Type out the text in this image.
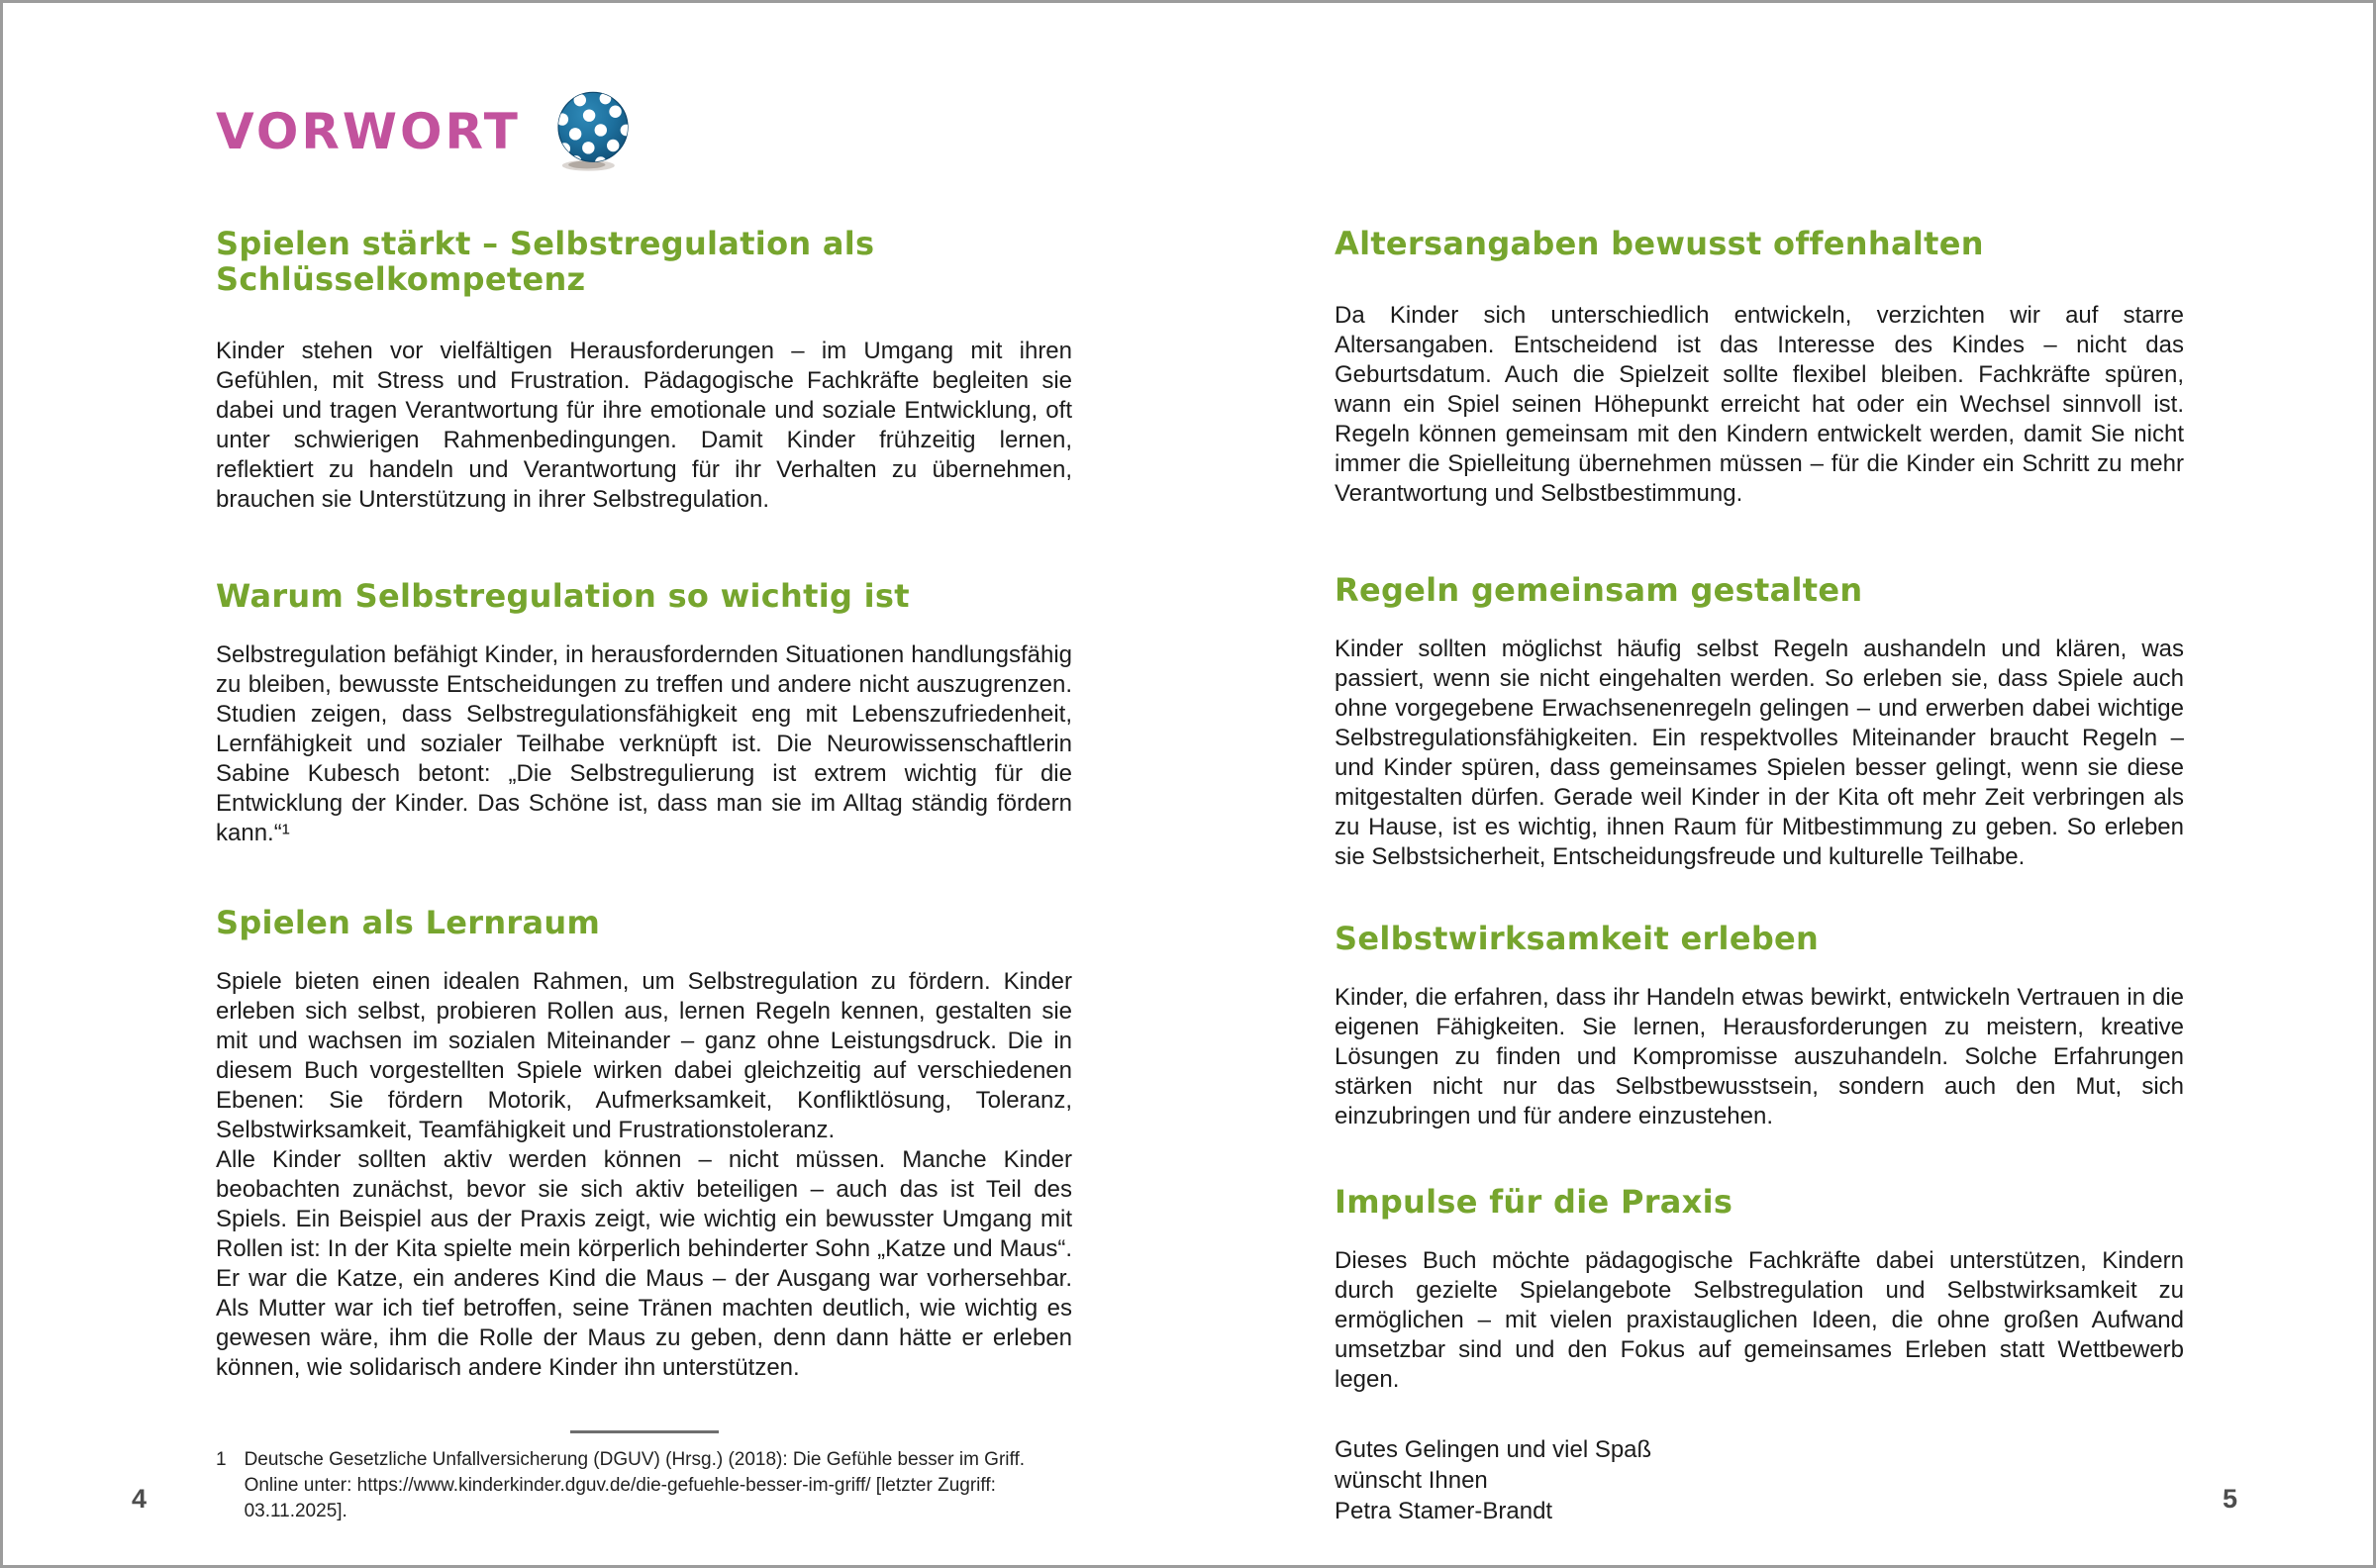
VORWORT
Spielen stärkt – Selbstregulation als Schlüsselkompetenz

Kinder stehen vor vielfältigen Herausforderungen – im Umgang mit ihren Gefühlen, mit Stress und Frustration. Pädagogische Fachkräfte begleiten sie dabei und tragen Verantwortung für ihre emotionale und soziale Entwicklung, oft unter schwierigen Rahmenbedingungen. Damit Kinder frühzeitig lernen, reflektiert zu handeln und Verantwortung für ihr Verhalten zu übernehmen, brauchen sie Unterstützung in ihrer Selbstregulation.

Warum Selbstregulation so wichtig ist

Selbstregulation befähigt Kinder, in herausfordernden Situationen handlungsfähig zu bleiben, bewusste Entscheidungen zu treffen und andere nicht auszugrenzen. Studien zeigen, dass Selbstregulationsfähigkeit eng mit Lebenszufriedenheit, Lernfähigkeit und sozialer Teilhabe verknüpft ist. Die Neurowissenschaftlerin Sabine Kubesch betont: „Die Selbstregulierung ist extrem wichtig für die Entwicklung der Kinder. Das Schöne ist, dass man sie im Alltag ständig fördern kann.“¹

Spielen als Lernraum

Spiele bieten einen idealen Rahmen, um Selbstregulation zu fördern. Kinder erleben sich selbst, probieren Rollen aus, lernen Regeln kennen, gestalten sie mit und wachsen im sozialen Miteinander – ganz ohne Leistungsdruck. Die in diesem Buch vorgestellten Spiele wirken dabei gleichzeitig auf verschiedenen Ebenen: Sie fördern Motorik, Aufmerksamkeit, Konfliktlösung, Toleranz, Selbstwirksamkeit, Teamfähigkeit und Frustrationstoleranz.

Alle Kinder sollten aktiv werden können – nicht müssen. Manche Kinder beobachten zunächst, bevor sie sich aktiv beteiligen – auch das ist Teil des Spiels. Ein Beispiel aus der Praxis zeigt, wie wichtig ein bewusster Umgang mit Rollen ist: In der Kita spielte mein körperlich behinderter Sohn „Katze und Maus“. Er war die Katze, ein anderes Kind die Maus – der Ausgang war vorhersehbar. Als Mutter war ich tief betroffen, seine Tränen machten deutlich, wie wichtig es gewesen wäre, ihm die Rolle der Maus zu geben, denn dann hätte er erleben können, wie solidarisch andere Kinder ihn unterstützen.

1 Deutsche Gesetzliche Unfallversicherung (DGUV) (Hrsg.) (2018): Die Gefühle besser im Griff. Online unter: https://www.kinderkinder.dguv.de/die-gefuehle-besser-im-griff/ [letzter Zugriff: 03.11.2025].
Altersangaben bewusst offenhalten

Da Kinder sich unterschiedlich entwickeln, verzichten wir auf starre Altersangaben. Entscheidend ist das Interesse des Kindes – nicht das Geburtsdatum. Auch die Spielzeit sollte flexibel bleiben. Fachkräfte spüren, wann ein Spiel seinen Höhepunkt erreicht hat oder ein Wechsel sinnvoll ist. Regeln können gemeinsam mit den Kindern entwickelt werden, damit Sie nicht immer die Spielleitung übernehmen müssen – für die Kinder ein Schritt zu mehr Verantwortung und Selbstbestimmung.

Regeln gemeinsam gestalten

Kinder sollten möglichst häufig selbst Regeln aushandeln und klären, was passiert, wenn sie nicht eingehalten werden. So erleben sie, dass Spiele auch ohne vorgegebene Erwachsenenregeln gelingen – und erwerben dabei wichtige Selbstregulationsfähigkeiten. Ein respektvolles Miteinander braucht Regeln – und Kinder spüren, dass gemeinsames Spielen besser gelingt, wenn sie diese mitgestalten dürfen. Gerade weil Kinder in der Kita oft mehr Zeit verbringen als zu Hause, ist es wichtig, ihnen Raum für Mitbestimmung zu geben. So erleben sie Selbstsicherheit, Entscheidungsfreude und kulturelle Teilhabe.

Selbstwirksamkeit erleben

Kinder, die erfahren, dass ihr Handeln etwas bewirkt, entwickeln Vertrauen in die eigenen Fähigkeiten. Sie lernen, Herausforderungen zu meistern, kreative Lösungen zu finden und Kompromisse auszuhandeln. Solche Erfahrungen stärken nicht nur das Selbstbewusstsein, sondern auch den Mut, sich einzubringen und für andere einzustehen.

Impulse für die Praxis

Dieses Buch möchte pädagogische Fachkräfte dabei unterstützen, Kindern durch gezielte Spielangebote Selbstregulation und Selbstwirksamkeit zu ermöglichen – mit vielen praxistauglichen Ideen, die ohne großen Aufwand umsetzbar sind und den Fokus auf gemeinsames Erleben statt Wettbewerb legen.

Gutes Gelingen und viel Spaß
wünscht Ihnen
Petra Stamer-Brandt
4	5
